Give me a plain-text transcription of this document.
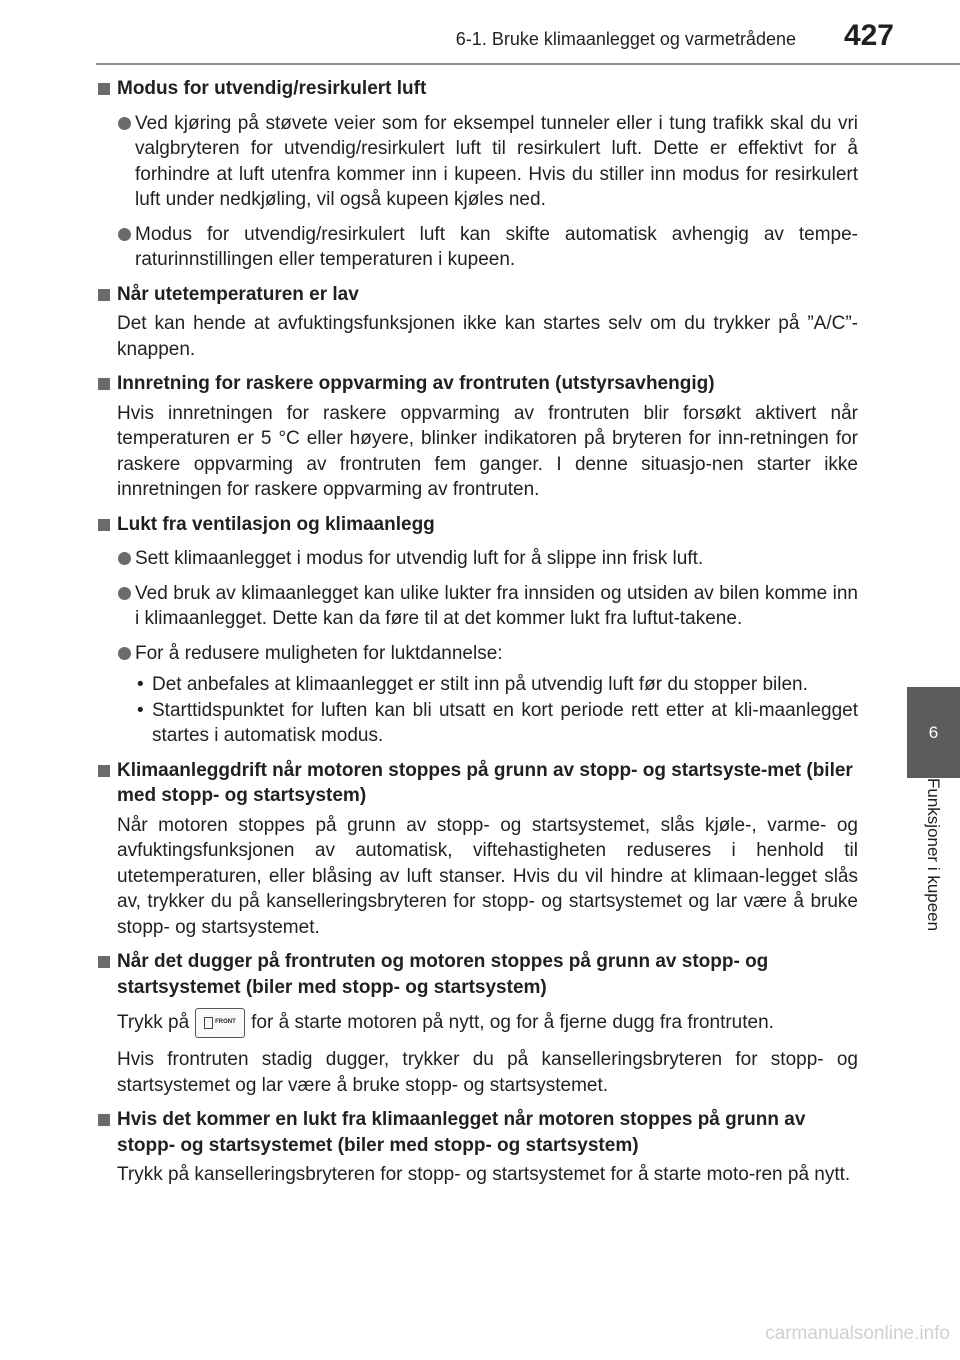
6-1. Bruke klimaanlegget og varmetrådene	427
6
Funksjoner i kupeen
Modus for utvendig/resirkulert luft
Ved kjøring på støvete veier som for eksempel tunneler eller i tung trafikk skal du vri valgbryteren for utvendig/resirkulert luft til resirkulert luft. Dette er effektivt for å forhindre at luft utenfra kommer inn i kupeen. Hvis du stiller inn modus for resirkulert luft under nedkjøling, vil også kupeen kjøles ned.
Modus for utvendig/resirkulert luft kan skifte automatisk avhengig av tempe-raturinnstillingen eller temperaturen i kupeen.
Når utetemperaturen er lav
Det kan hende at avfuktingsfunksjonen ikke kan startes selv om du trykker på ”A/C”-knappen.
Innretning for raskere oppvarming av frontruten (utstyrsavhengig)
Hvis innretningen for raskere oppvarming av frontruten blir forsøkt aktivert når temperaturen er 5 °C eller høyere, blinker indikatoren på bryteren for inn-retningen for raskere oppvarming av frontruten fem ganger. I denne situasjo-nen starter ikke innretningen for raskere oppvarming av frontruten.
Lukt fra ventilasjon og klimaanlegg
Sett klimaanlegget i modus for utvendig luft for å slippe inn frisk luft.
Ved bruk av klimaanlegget kan ulike lukter fra innsiden og utsiden av bilen komme inn i klimaanlegget. Dette kan da føre til at det kommer lukt fra luftut-takene.
For å redusere muligheten for luktdannelse:
• Det anbefales at klimaanlegget er stilt inn på utvendig luft før du stopper bilen.
• Starttidspunktet for luften kan bli utsatt en kort periode rett etter at kli-maanlegget startes i automatisk modus.
Klimaanleggdrift når motoren stoppes på grunn av stopp- og startsyste-met (biler med stopp- og startsystem)
Når motoren stoppes på grunn av stopp- og startsystemet, slås kjøle-, varme- og avfuktingsfunksjonen av automatisk, viftehastigheten reduseres i henhold til utetemperaturen, eller blåsing av luft stanser. Hvis du vil hindre at klimaan-legget slås av, trykker du på kanselleringsbryteren for stopp- og startsystemet og lar være å bruke stopp- og startsystemet.
Når det dugger på frontruten og motoren stoppes på grunn av stopp- og startsystemet (biler med stopp- og startsystem)
Trykk på	FRONT for å starte motoren på nytt, og for å fjerne dugg fra frontruten.
Hvis frontruten stadig dugger, trykker du på kanselleringsbryteren for stopp- og startsystemet og lar være å bruke stopp- og startsystemet.
Hvis det kommer en lukt fra klimaanlegget når motoren stoppes på grunn av stopp- og startsystemet (biler med stopp- og startsystem)
Trykk på kanselleringsbryteren for stopp- og startsystemet for å starte moto-ren på nytt.
carmanualsonline.info
